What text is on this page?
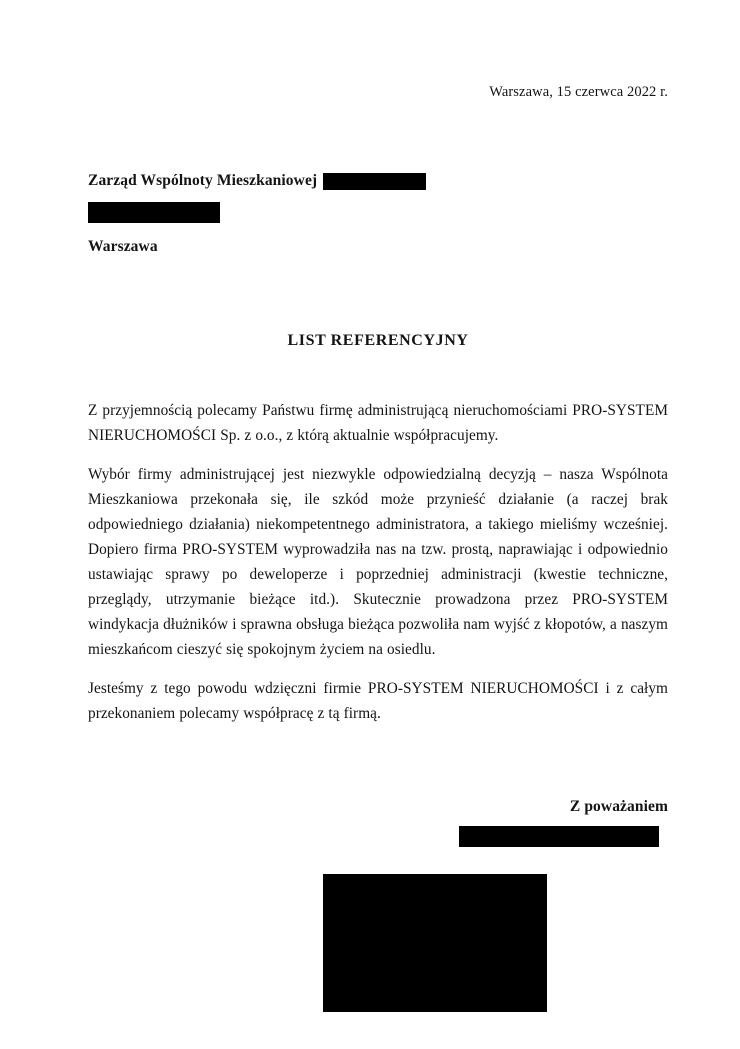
Warszawa, 15 czerwca 2022 r.
Zarząd Wspólnoty Mieszkaniowej
Warszawa
LIST REFERENCYJNY

Z przyjemnością polecamy Państwu firmę administrującą nieruchomościami PRO-SYSTEM NIERUCHOMOŚCI Sp. z o.o., z którą aktualnie współpracujemy.

Wybór firmy administrującej jest niezwykle odpowiedzialną decyzją – nasza Wspólnota Mieszkaniowa przekonała się, ile szkód może przynieść działanie (a raczej brak odpowiedniego działania) niekompetentnego administratora, a takiego mieliśmy wcześniej. Dopiero firma PRO-SYSTEM wyprowadziła nas na tzw. prostą, naprawiając i odpowiednio ustawiając sprawy po deweloperze i poprzedniej administracji (kwestie techniczne, przeglądy, utrzymanie bieżące itd.). Skutecznie prowadzona przez PRO-SYSTEM windykacja dłużników i sprawna obsługa bieżąca pozwoliła nam wyjść z kłopotów, a naszym mieszkańcom cieszyć się spokojnym życiem na osiedlu.

Jesteśmy z tego powodu wdzięczni firmie PRO-SYSTEM NIERUCHOMOŚCI i z całym przekonaniem polecamy współpracę z tą firmą.

Z poważaniem
